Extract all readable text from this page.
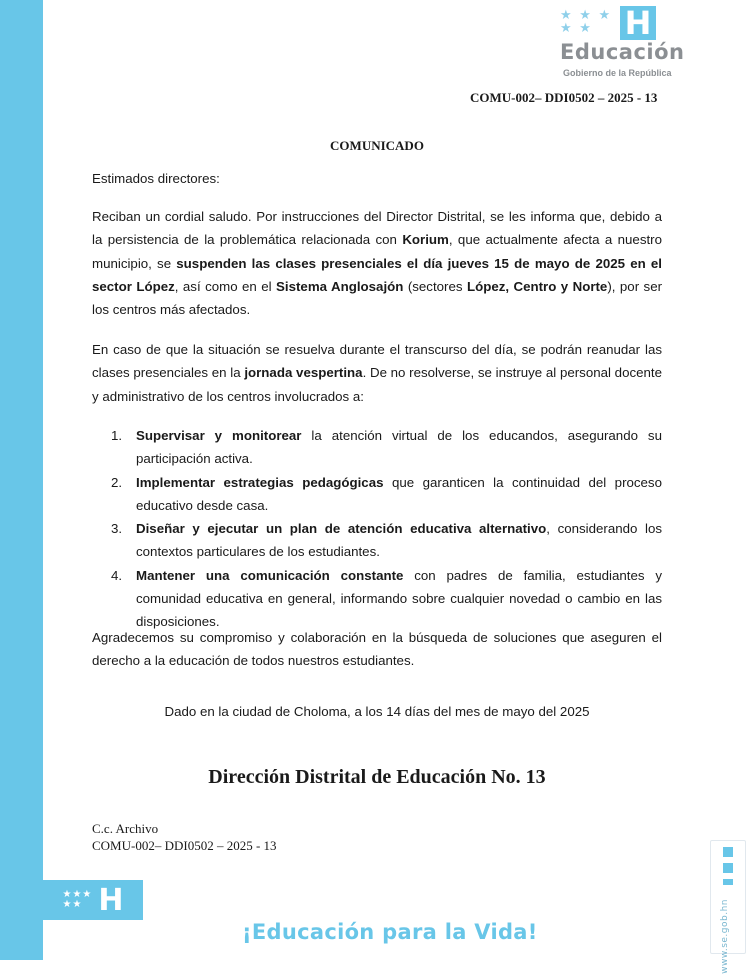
★ ★ ★
★ ★ H
Educación
Gobierno de la República
COMU-002– DDI0502 – 2025 - 13
COMUNICADO
Estimados directores:
Reciban un cordial saludo. Por instrucciones del Director Distrital, se les informa que, debido a la persistencia de la problemática relacionada con Korium, que actualmente afecta a nuestro municipio, se suspenden las clases presenciales el día jueves 15 de mayo de 2025 en el sector López, así como en el Sistema Anglosajón (sectores López, Centro y Norte), por ser los centros más afectados.
En caso de que la situación se resuelva durante el transcurso del día, se podrán reanudar las clases presenciales en la jornada vespertina. De no resolverse, se instruye al personal docente y administrativo de los centros involucrados a:
1. Supervisar y monitorear la atención virtual de los educandos, asegurando su participación activa.
2. Implementar estrategias pedagógicas que garanticen la continuidad del proceso educativo desde casa.
3. Diseñar y ejecutar un plan de atención educativa alternativo, considerando los contextos particulares de los estudiantes.
4. Mantener una comunicación constante con padres de familia, estudiantes y comunidad educativa en general, informando sobre cualquier novedad o cambio en las disposiciones.
Agradecemos su compromiso y colaboración en la búsqueda de soluciones que aseguren el derecho a la educación de todos nuestros estudiantes.
Dado en la ciudad de Choloma, a los 14 días del mes de mayo del 2025
Dirección Distrital de Educación No. 13
C.c. Archivo
COMU-002– DDI0502 – 2025 - 13
★★★
★★ H
¡Educación para la Vida!	www.se.gob.hn
